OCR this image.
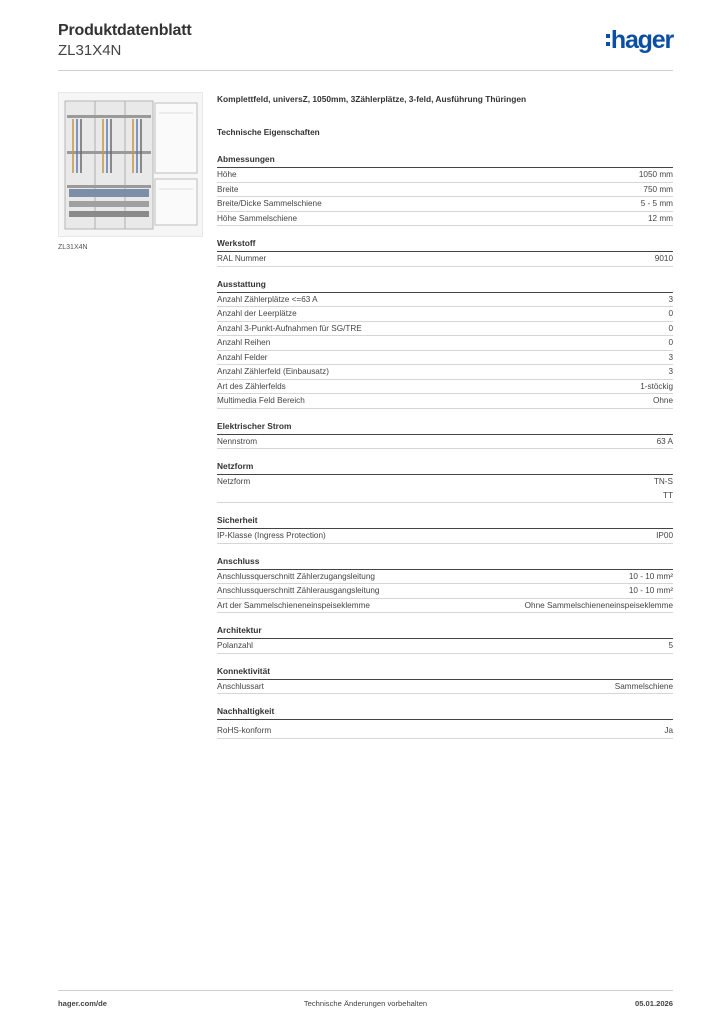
Produktdatenblatt
ZL31X4N	hager
ZL31X4N
Komplettfeld, universZ, 1050mm, 3Zählerplätze, 3-feld, Ausführung Thüringen
Technische Eigenschaften
Abmessungen
Höhe	1050 mm
Breite	750 mm
Breite/Dicke Sammelschiene	5 - 5 mm
Höhe Sammelschiene	12 mm
Werkstoff
RAL Nummer	9010
Ausstattung
Anzahl Zählerplätze <=63 A	3
Anzahl der Leerplätze	0
Anzahl 3-Punkt-Aufnahmen für SG/TRE	0
Anzahl Reihen	0
Anzahl Felder	3
Anzahl Zählerfeld (Einbausatz)	3
Art des Zählerfelds	1-stöckig
Multimedia Feld Bereich	Ohne
Elektrischer Strom
Nennstrom	63 A
Netzform
Netzform	TN-S
TT
Sicherheit
IP-Klasse (Ingress Protection)	IP00
Anschluss
Anschlussquerschnitt Zählerzugangsleitung	10 - 10 mm²
Anschlussquerschnitt Zählerausgangsleitung	10 - 10 mm²
Art der Sammelschieneneinspeiseklemme	Ohne Sammelschieneneinspeiseklemme
Architektur
Polanzahl	5
Konnektivität
Anschlussart	Sammelschiene
Nachhaltigkeit
RoHS-konform	Ja
hager.com/de	Technische Änderungen vorbehalten	05.01.2026
